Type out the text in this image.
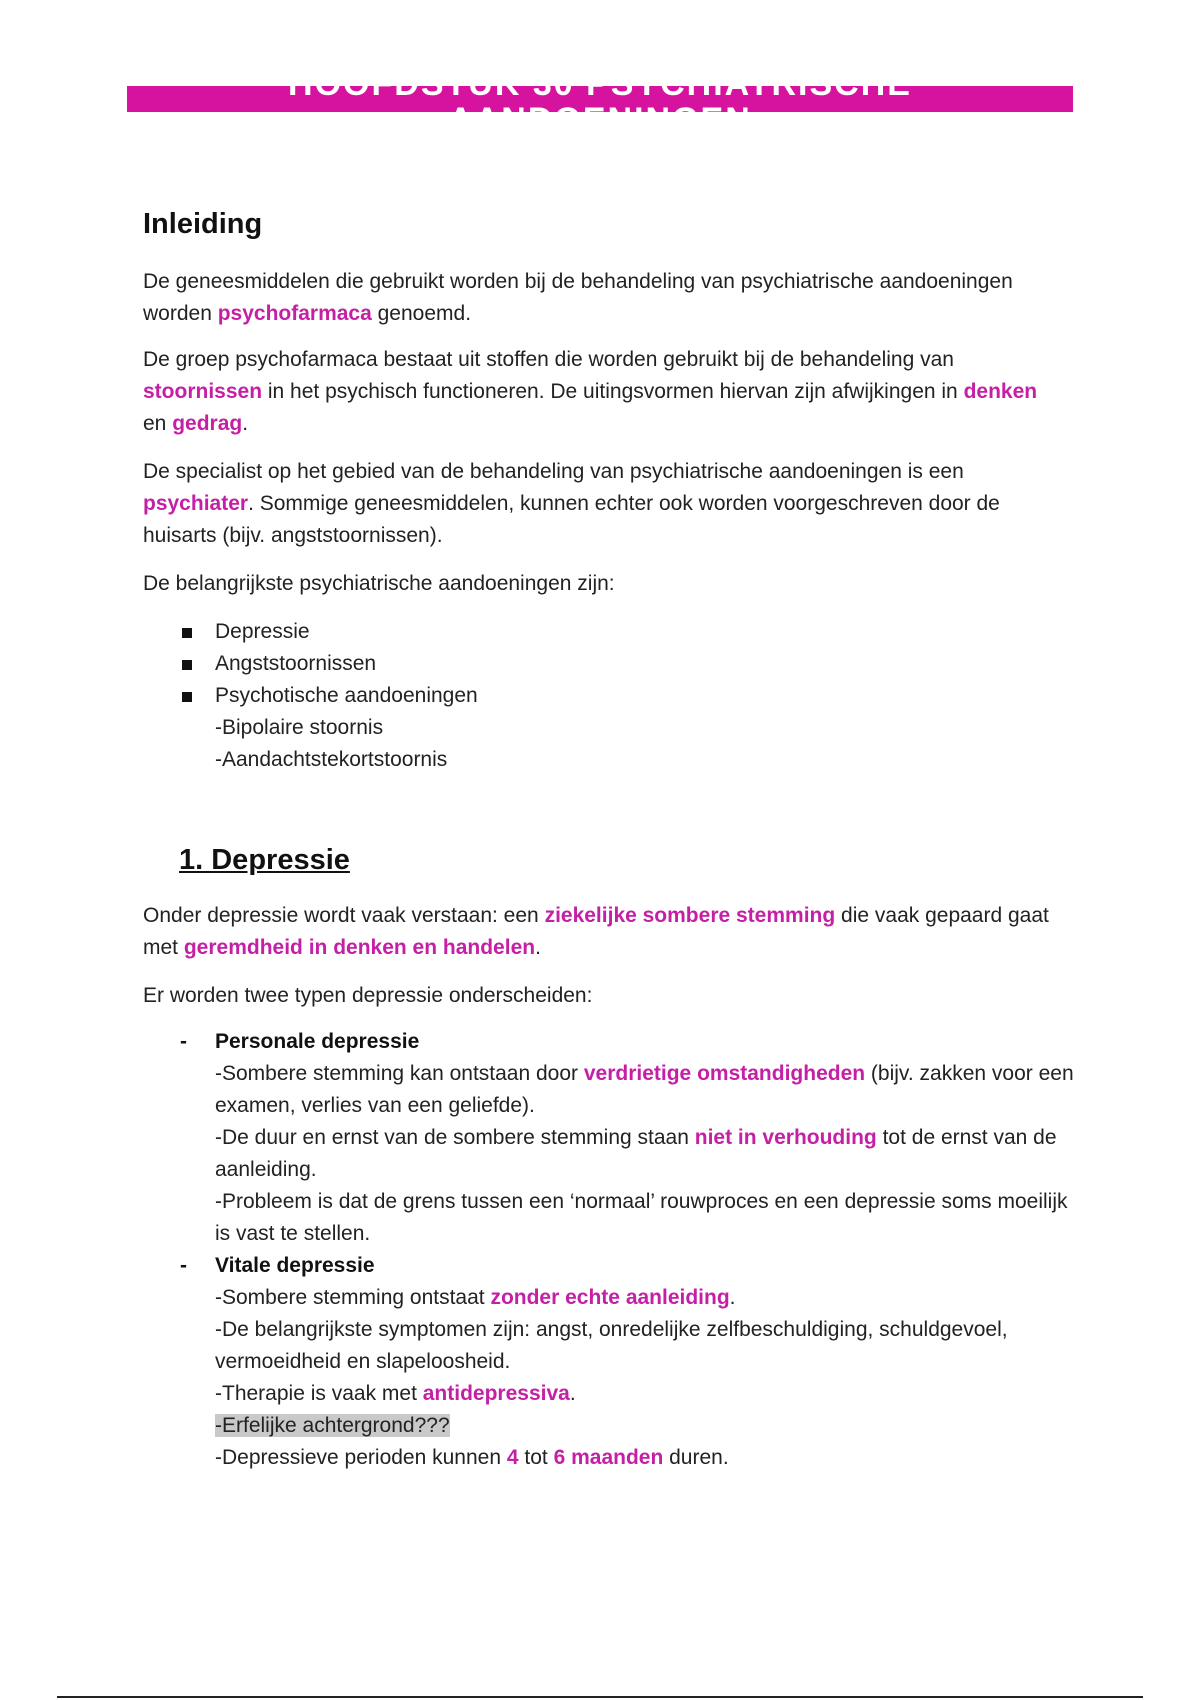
HOOFDSTUK 30 PSYCHIATRISCHE
AANDOENINGEN
Inleiding

De geneesmiddelen die gebruikt worden bij de behandeling van psychiatrische aandoeningen worden psychofarmaca genoemd.

De groep psychofarmaca bestaat uit stoffen die worden gebruikt bij de behandeling van stoornissen in het psychisch functioneren. De uitingsvormen hiervan zijn afwijkingen in denken en gedrag.

De specialist op het gebied van de behandeling van psychiatrische aandoeningen is een psychiater. Sommige geneesmiddelen, kunnen echter ook worden voorgeschreven door de huisarts (bijv. angststoornissen).

De belangrijkste psychiatrische aandoeningen zijn:

Depressie
Angststoornissen
Psychotische aandoeningen
-Bipolaire stoornis
-Aandachtstekortstoornis
1. Depressie

Onder depressie wordt vaak verstaan: een ziekelijke sombere stemming die vaak gepaard gaat met geremdheid in denken en handelen.

Er worden twee typen depressie onderscheiden:

- Personale depressie
-Sombere stemming kan ontstaan door verdrietige omstandigheden (bijv. zakken voor een examen, verlies van een geliefde).
-De duur en ernst van de sombere stemming staan niet in verhouding tot de ernst van de aanleiding.
-Probleem is dat de grens tussen een ‘normaal’ rouwproces en een depressie soms moeilijk is vast te stellen.
- Vitale depressie
-Sombere stemming ontstaat zonder echte aanleiding.
-De belangrijkste symptomen zijn: angst, onredelijke zelfbeschuldiging, schuldgevoel, vermoeidheid en slapeloosheid.
-Therapie is vaak met antidepressiva.
-Erfelijke achtergrond???
-Depressieve perioden kunnen 4 tot 6 maanden duren.
